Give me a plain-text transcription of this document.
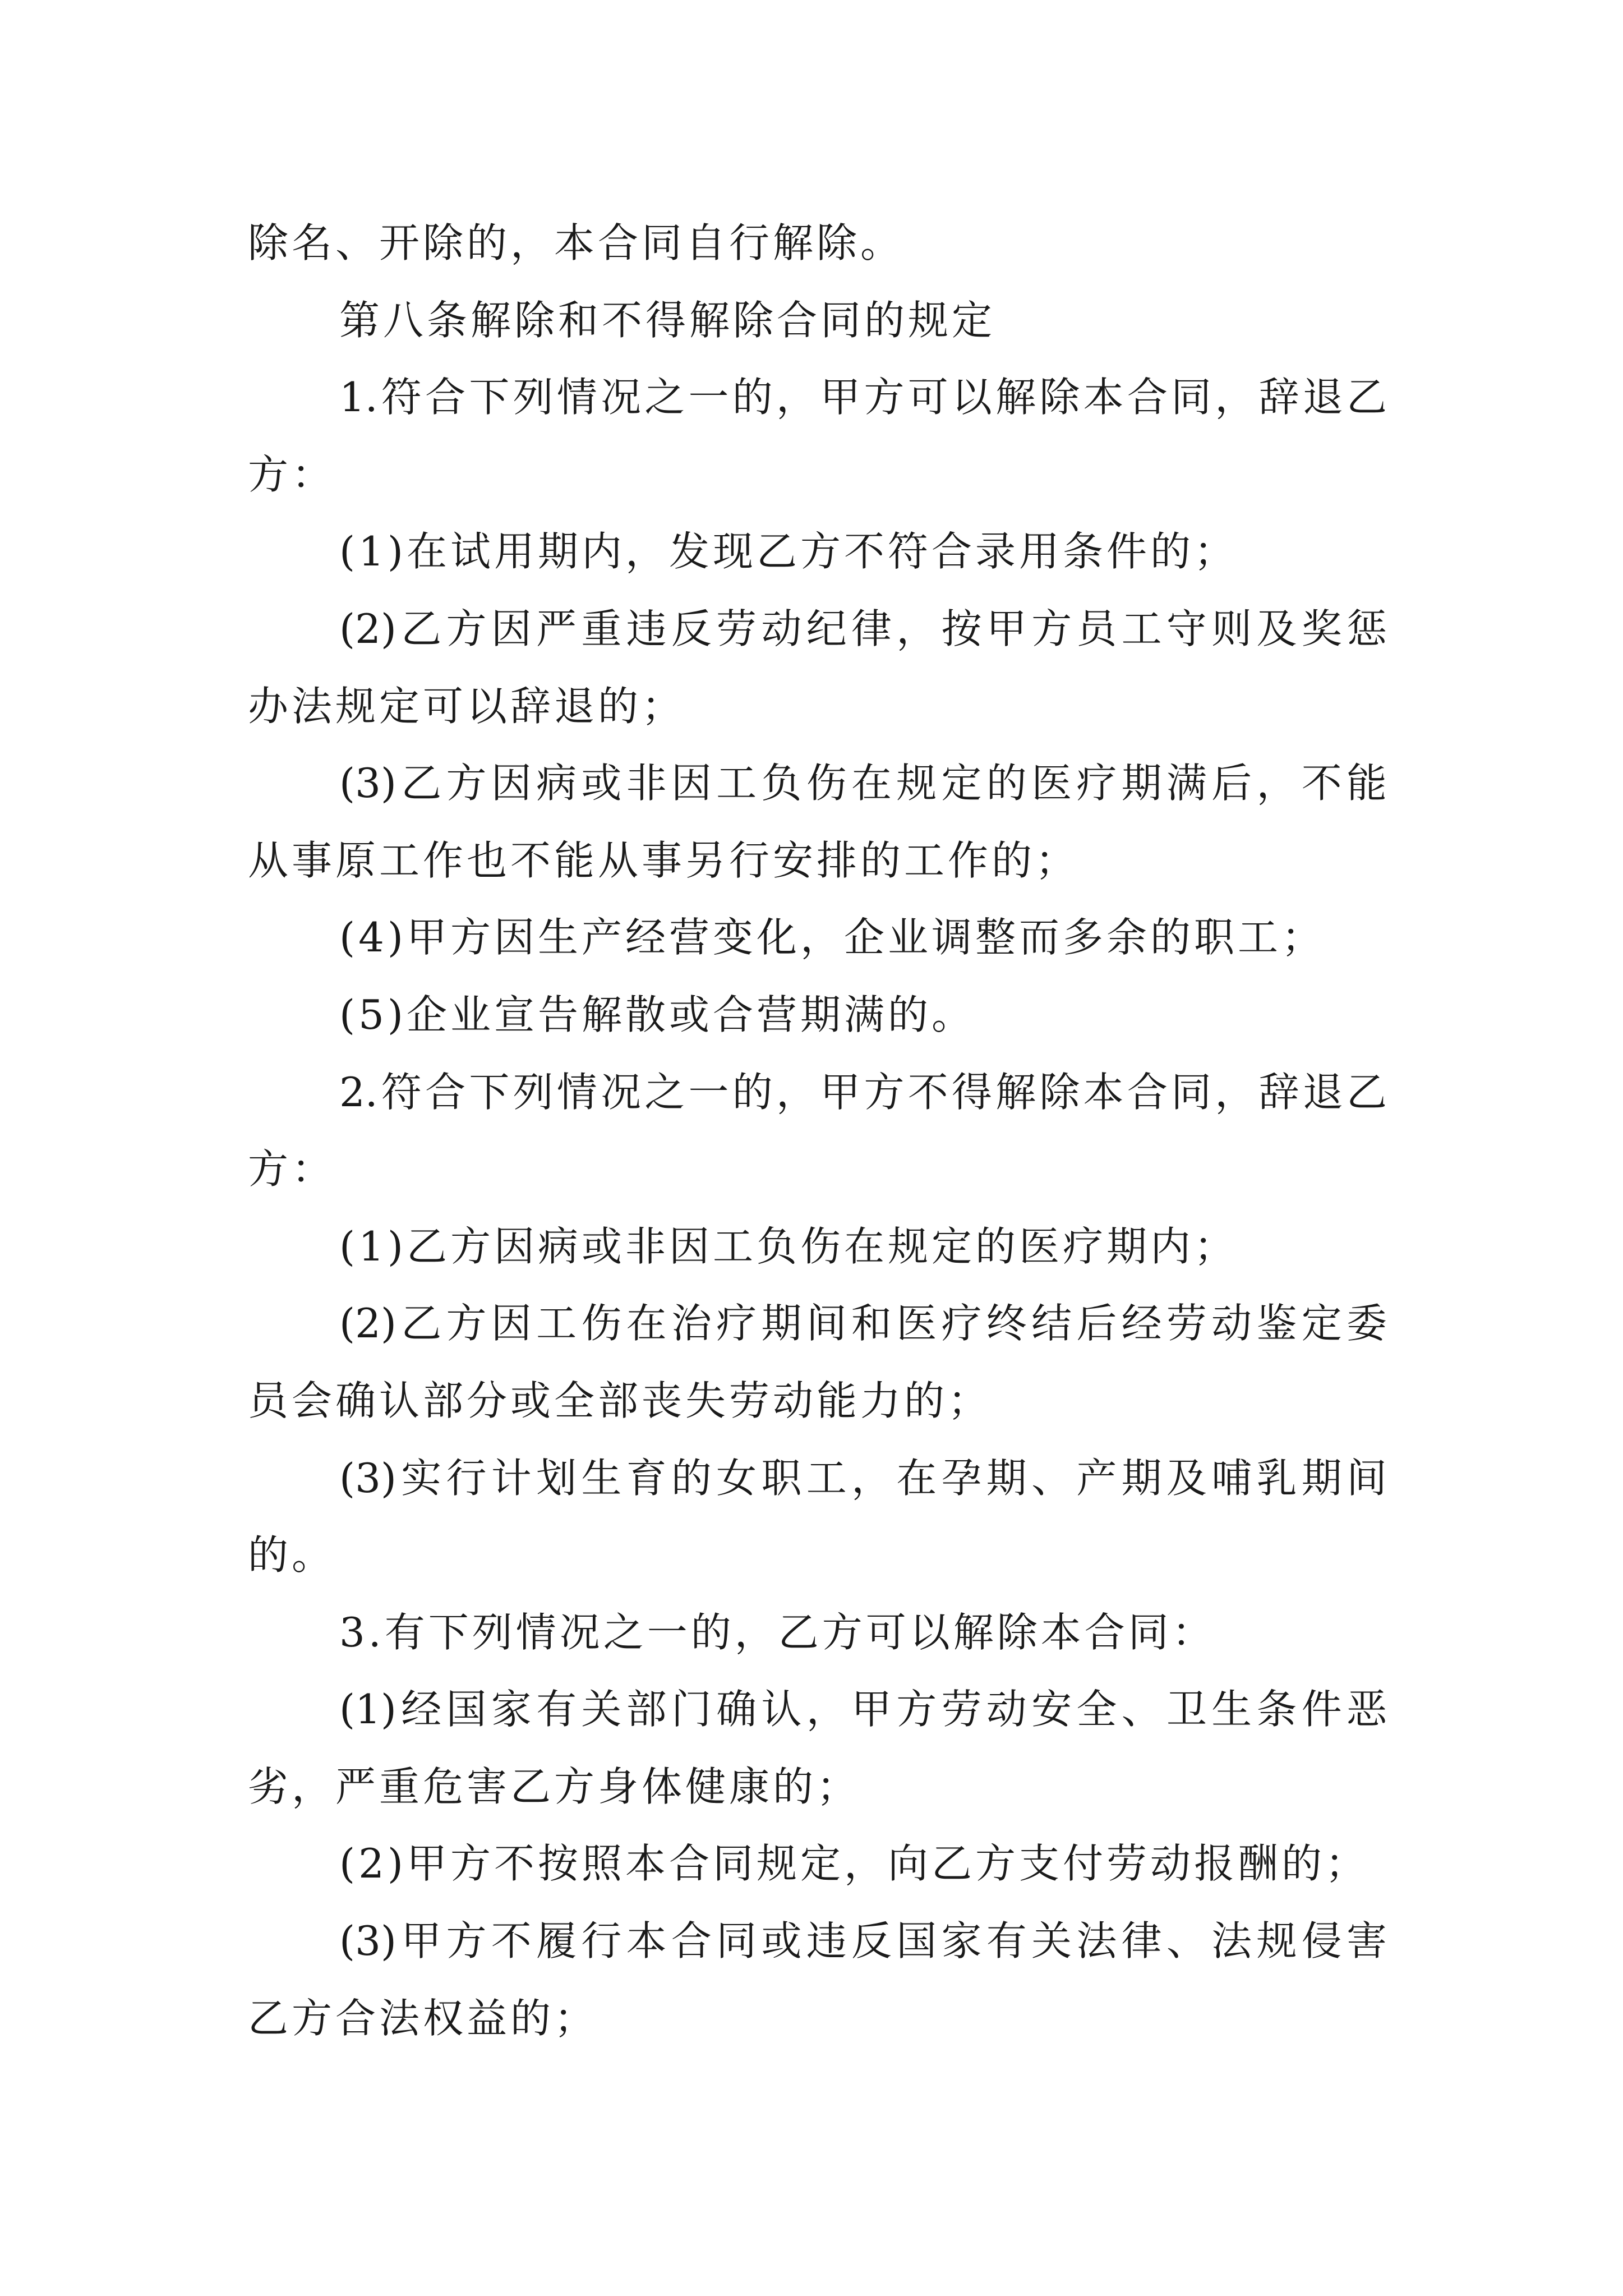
除名、开除的，本合同自行解除。
第八条解除和不得解除合同的规定
1.符合下列情况之一的，甲方可以解除本合同，辞退乙
方：
(1)在试用期内，发现乙方不符合录用条件的；
(2)乙方因严重违反劳动纪律，按甲方员工守则及奖惩
办法规定可以辞退的；
(3)乙方因病或非因工负伤在规定的医疗期满后，不能
从事原工作也不能从事另行安排的工作的；
(4)甲方因生产经营变化，企业调整而多余的职工；
(5)企业宣告解散或合营期满的。
2.符合下列情况之一的，甲方不得解除本合同，辞退乙
方：
(1)乙方因病或非因工负伤在规定的医疗期内；
(2)乙方因工伤在治疗期间和医疗终结后经劳动鉴定委
员会确认部分或全部丧失劳动能力的；
(3)实行计划生育的女职工，在孕期、产期及哺乳期间
的。
3.有下列情况之一的，乙方可以解除本合同：
(1)经国家有关部门确认，甲方劳动安全、卫生条件恶
劣，严重危害乙方身体健康的；
(2)甲方不按照本合同规定，向乙方支付劳动报酬的；
(3)甲方不履行本合同或违反国家有关法律、法规侵害
乙方合法权益的；
